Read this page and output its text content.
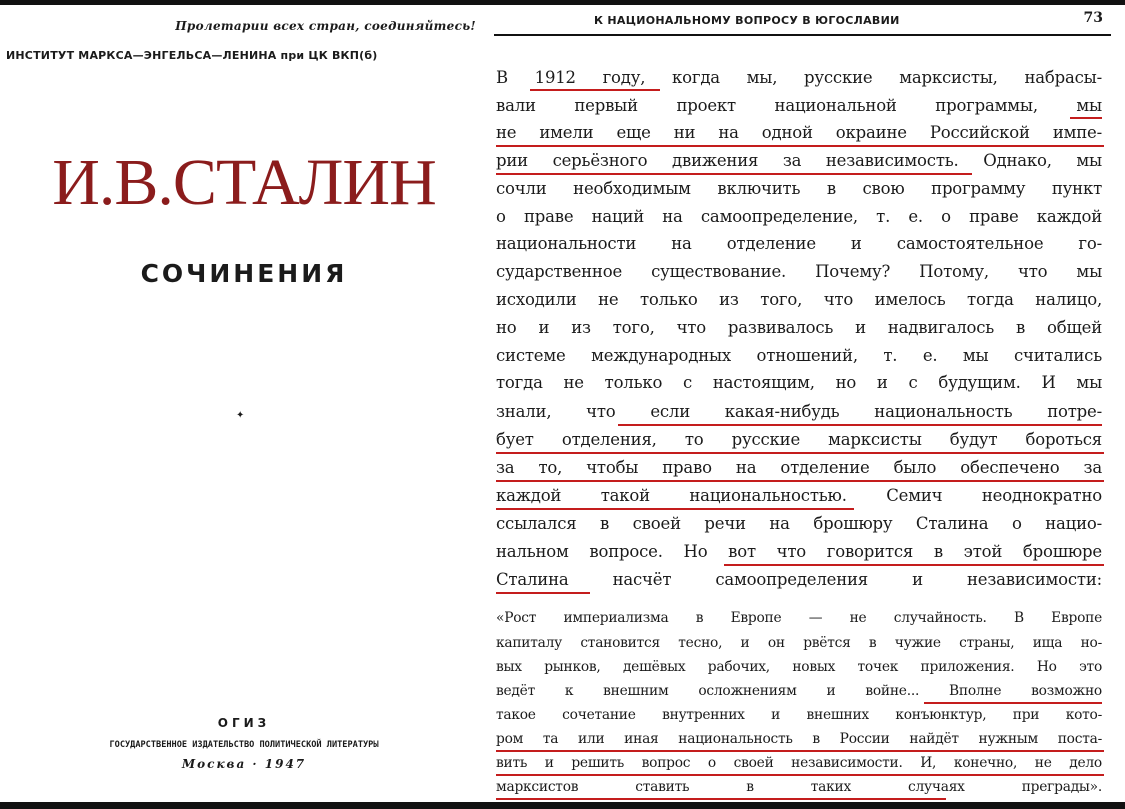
Пролетарии всех стран, соединяйтесь!
ИНСТИТУТ МАРКСА—ЭНГЕЛЬСА—ЛЕНИНА при ЦК ВКП(б)
И.В.СТАЛИН
СОЧИНЕНИЯ
✦
ОГИЗ
ГОСУДАРСТВЕННОЕ ИЗДАТЕЛЬСТВО ПОЛИТИЧЕСКОЙ ЛИТЕРАТУРЫ
Москва · 1947
К НАЦИОНАЛЬНОМУ ВОПРОСУ В ЮГОСЛАВИИ	73
В 1912 году, когда мы, русские марксисты, набрасы-
вали первый проект национальной программы, мы
не имели еще ни на одной окраине Российской импе-
рии серьёзного движения за независимость. Однако, мы
сочли необходимым включить в свою программу пункт
о праве наций на самоопределение, т. е. о праве каждой
национальности на отделение и самостоятельное го-
сударственное существование. Почему? Потому, что мы
исходили не только из того, что имелось тогда налицо,
но и из того, что развивалось и надвигалось в общей
системе международных отношений, т. е. мы считались
тогда не только с настоящим, но и с будущим. И мы
знали, что если какая-нибудь национальность потре-
бует отделения, то русские марксисты будут бороться
за то, чтобы право на отделение было обеспечено за
каждой такой национальностью. Семич неоднократно
ссылался в своей речи на брошюру Сталина о нацио-
нальном вопросе. Но вот что говорится в этой брошюре
Сталина насчёт самоопределения и независимости:
«Рост империализма в Европе — не случайность. В Европе
капиталу становится тесно, и он рвётся в чужие страны, ища но-
вых рынков, дешёвых рабочих, новых точек приложения. Но это
ведёт к внешним осложнениям и войне... Вполне возможно
такое сочетание внутренних и внешних конъюнктур, при кото-
ром та или иная национальность в России найдёт нужным поста-
вить и решить вопрос о своей независимости. И, конечно, не дело
марксистов ставить в таких случаях преграды».
